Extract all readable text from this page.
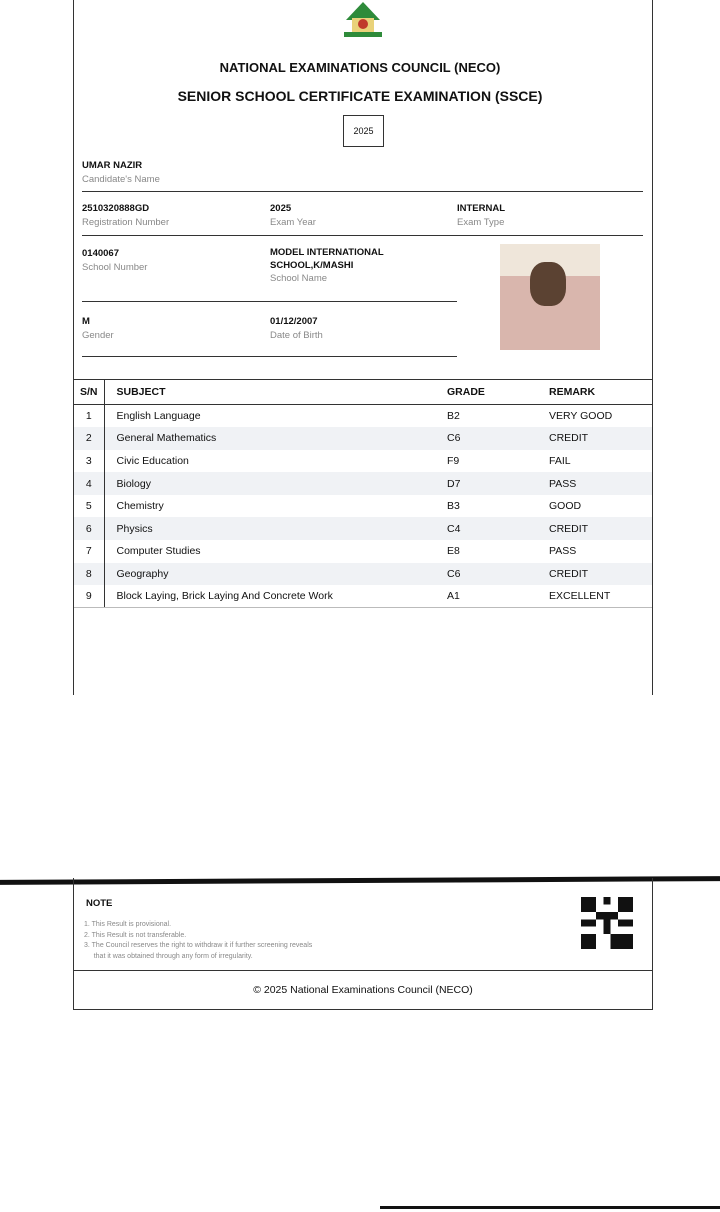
NATIONAL EXAMINATIONS COUNCIL (NECO)
SENIOR SCHOOL CERTIFICATE EXAMINATION (SSCE)
2025
UMAR NAZIR
Candidate's Name
2510320888GD
Registration Number
2025
Exam Year
INTERNAL
Exam Type
0140067
School Number
MODEL INTERNATIONAL
SCHOOL,K/MASHI
School Name
M
Gender
01/12/2007
Date of Birth
S/N	SUBJECT	GRADE	REMARK
1	English Language	B2	VERY GOOD
2	General Mathematics	C6	CREDIT
3	Civic Education	F9	FAIL
4	Biology	D7	PASS
5	Chemistry	B3	GOOD
6	Physics	C4	CREDIT
7	Computer Studies	E8	PASS
8	Geography	C6	CREDIT
9	Block Laying, Brick Laying And Concrete Work	A1	EXCELLENT
NOTE
1. This Result is provisional.
2. This Result is not transferable.
3. The Council reserves the right to withdraw it if further screening reveals
that it was obtained through any form of irregularity.
© 2025 National Examinations Council (NECO)
